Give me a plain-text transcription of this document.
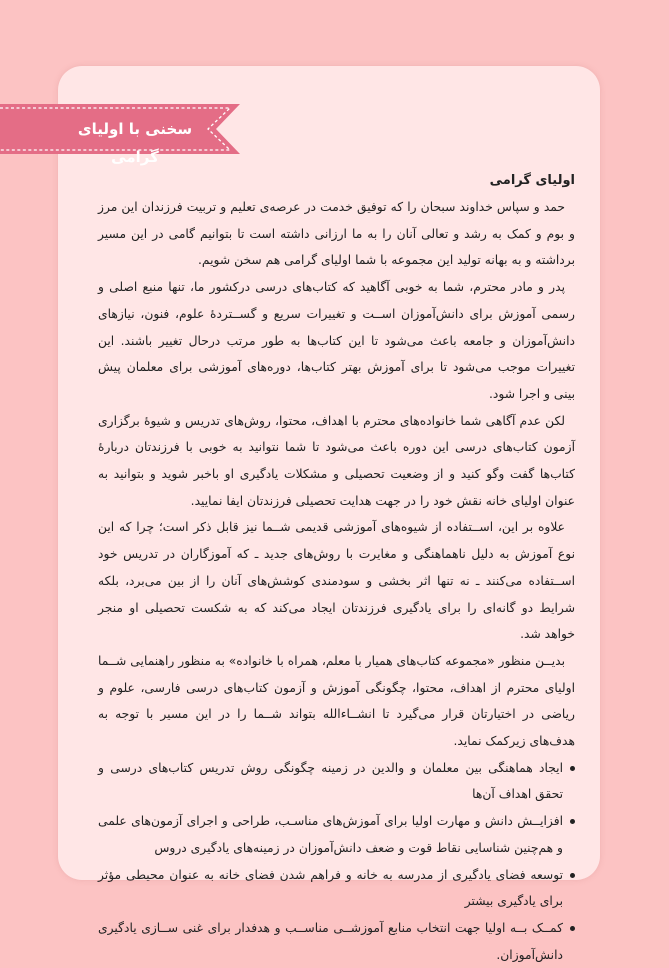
سخنی با اولیای گرامی

اولیای گرامی

حمد و سپاس خداوند سبحان را که توفیق خدمت در عرصه‌ی تعلیم و تربیت فرزندان این مرز و بوم و کمک به رشد و تعالی آنان را به ما ارزانی داشته است تا بتوانیم گامی در این مسیر برداشته و به بهانه تولید این مجموعه با شما اولیای گرامی هم سخن شویم.

پدر و مادر محترم، شما به خوبی آگاهید که کتاب‌های درسی درکشور ما، تنها منبع اصلی و رسمی آموزش برای دانش‌آموزان اســت و تغییرات سریع و گســتردۀ علوم، فنون، نیازهای دانش‌آموزان و جامعه باعث می‌شود تا این کتاب‌ها به طور مرتب درحال تغییر باشند. این تغییرات موجب می‌شود تا برای آموزش بهتر کتاب‌ها، دوره‌های آموزشی برای معلمان پیش بینی و اجرا شود.

لکن عدم آگاهی شما خانواده‌های محترم با اهداف، محتوا، روش‌های تدریس و شیوۀ برگزاری آزمون کتاب‌های درسی این دوره باعث می‌شود تا شما نتوانید به خوبی با فرزندتان دربارۀ کتاب‌ها گفت وگو کنید و از وضعیت تحصیلی و مشکلات یادگیری او باخبر شوید و بتوانید به عنوان اولیای خانه نقش خود را در جهت هدایت تحصیلی فرزندتان ایفا نمایید.

علاوه بر این، اســتفاده از شیوه‌های آموزشی قدیمی شــما نیز قابل ذکر است؛ چرا که این نوع آموزش به دلیل ناهماهنگی و مغایرت با روش‌های جدید ـ که آموزگاران در تدریس خود اســتفاده می‌کنند ـ نه تنها اثر بخشی و سودمندی کوشش‌های آنان را از بین می‌برد، بلکه شرایط دو گانه‌ای را برای یادگیری فرزندتان ایجاد می‌کند که به شکست تحصیلی او منجر خواهد شد.

بدیــن منظور «مجموعه کتاب‌های همیار با معلم، همراه با خانواده» به منظور راهنمایی شــما اولیای محترم از اهداف، محتوا، چگونگی آموزش و آزمون کتاب‌های درسی فارسی، علوم و ریاضی در اختیارتان قرار می‌گیرد تا انشــاءالله بتواند شــما را در این مسیر با توجه به هدف‌های زیرکمک نماید.

ایجاد هماهنگی بین معلمان و والدین در زمینه چگونگی روش تدریس کتاب‌های درسی و تحقق اهداف آن‌ها
افزایــش دانش و مهارت اولیا برای آموزش‌های مناسـب، طراحی و اجرای آزمون‌های علمی و هم‌چنین شناسایی نقاط قوت و ضعف دانش‌آموزان در زمینه‌های یادگیری دروس
توسعه فضای یادگیری از مدرسه به خانه و فراهم شدن فضای خانه به عنوان محیطی مؤثر برای یادگیری بیشتر
کمــک بــه اولیا جهت انتخاب منابع آموزشــی مناســب و هدفدار برای غنی ســازی یادگیری دانش‌آموزان.
